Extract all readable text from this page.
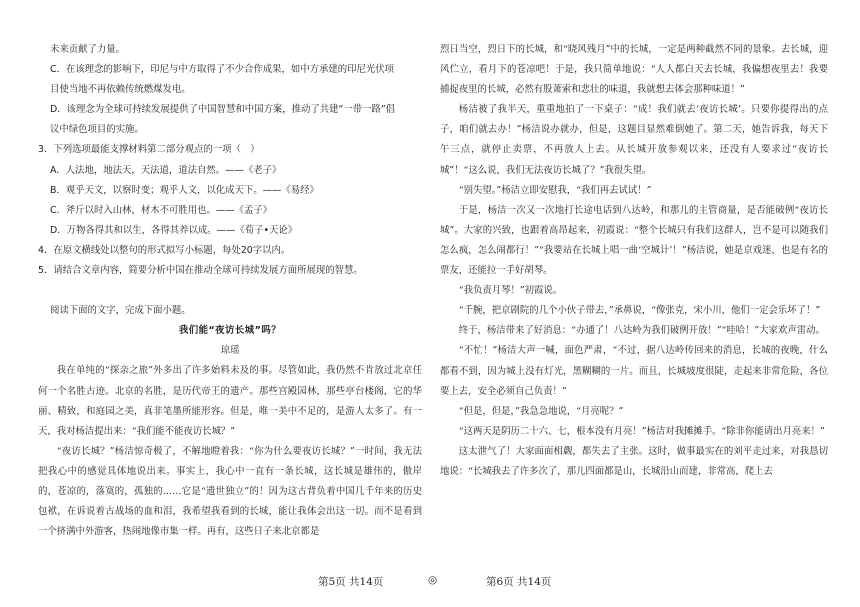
未来贡献了力量。
C．在该理念的影响下，印尼与中方取得了不少合作成果，如中方承建的印尼光伏项
目使当地不再依赖传统燃煤发电。
D．该理念为全球可持续发展提供了中国智慧和中国方案，推动了共建“一带一路”倡
议中绿色项目的实施。
3．下列选项最能支撑材料第二部分观点的一项（　）
A．人法地，地法天，天法道，道法自然。——《老子》
B．观乎天文，以察时变；观乎人文，以化成天下。——《易经》
C．斧斤以时入山林，材木不可胜用也。——《孟子》
D．万物各得其和以生，各得其养以成。——《荀子•天论》
4．在原文横线处以整句的形式拟写小标题，每处20字以内。
5．请结合文章内容，简要分析中国在推动全球可持续发展方面所展现的智慧。
阅读下面的文字，完成下面小题。
我们能“夜访长城”吗？
琼瑶
我在单纯的“探亲之旅”外多出了许多始料未及的事。尽管如此，我仍然不肯放过北京任何一个名胜古迹。北京的名胜，是历代帝王的遗产。那些宫殿园林，那些亭台楼阁，它的华丽、精致，和庭园之美，真非笔墨所能形容。但是，唯一美中不足的，是游人太多了。有一天，我对杨洁提出来：“我们能不能夜访长城？”
“夜访长城？”杨洁惊奇极了，不解地瞪着我：“你为什么要夜访长城？”一时间，我无法把我心中的感觉具体地说出来。事实上，我心中一直有一条长城，这长城是雄伟的，傲岸的，苍凉的，落寞的，孤独的……它是“遗世独立”的！因为这古背负着中国几千年来的历史包袱，在诉说着古战场的血和泪，我希望我看到的长城，能让我体会出这一切。而不是看到一个挤满中外游客，热闹地像市集一样。再有，这些日子来北京都是
第5页 共14页	◎
烈日当空，烈日下的长城，和“晓风残月”中的长城，一定是两种截然不同的景象。去长城，迎风伫立，看月下的苍凉吧！于是，我只简单地说：“人人都白天去长城，我偏想夜里去！我要捕捉夜里的长城，必然有股萧索和悲壮的味道，我就想去体会那种味道！”
杨洁被了我半天，重重地拍了一下桌子：“成！我们就去‘夜访长城’。只要你提得出的点子，咱们就去办！”杨洁说办就办，但是，这题目显然难倒她了。第二天，她告诉我，每天下午三点，就停止卖票，不再放人上去。从长城开放参观以来，还没有人要求过“夜访长城”！“这么说，我们无法夜访长城了？”我很失望。
“别失望。”杨洁立即安慰我，“我们再去试试！”
于是，杨洁一次又一次地打长途电话到八达岭，和那儿的主管商量，是否能破例“夜访长城”。大家的兴致，也跟着高昂起来，初霞说：“整个长城只有我们这群人，岂不是可以随我们怎么疯，怎么闹都行！”“我要站在长城上唱一曲‘空城计’！”杨洁说，她是京戏迷，也是有名的票友，还能拉一手好胡琴。
“我负责月琴！”初霞说。
“千腕，把京剧院的几个小伙子带去，”承鼻说，“像张克，宋小川，他们一定会乐坏了！”
终于，杨洁带来了好消息：“办通了！八达岭为我们破例开放！”“哇哈！”大家欢声雷动。
“不忙！”杨洁大声一喊，面色严肃，“不过，据八达岭传回来的消息，长城的夜晚，什么都看不到，因为城上没有灯光，黑糊糊的一片。而且，长城坡度很陡，走起来非常危险，各位要上去，安全必须自己负责！”
“但是，但是，”我急急地说，“月亮呢？”
“这两天是阴历二十六、七，根本没有月亮！”杨洁对我摊摊手。“除非你能请出月亮来！”
这太泄气了！大家面面相觑，都失去了主张。这时，做事最实在的刘平走过来，对我恳切地说：“长城我去了许多次了，那儿四面都是山，长城沿山而建，非常高，爬上去
第6页 共14页
